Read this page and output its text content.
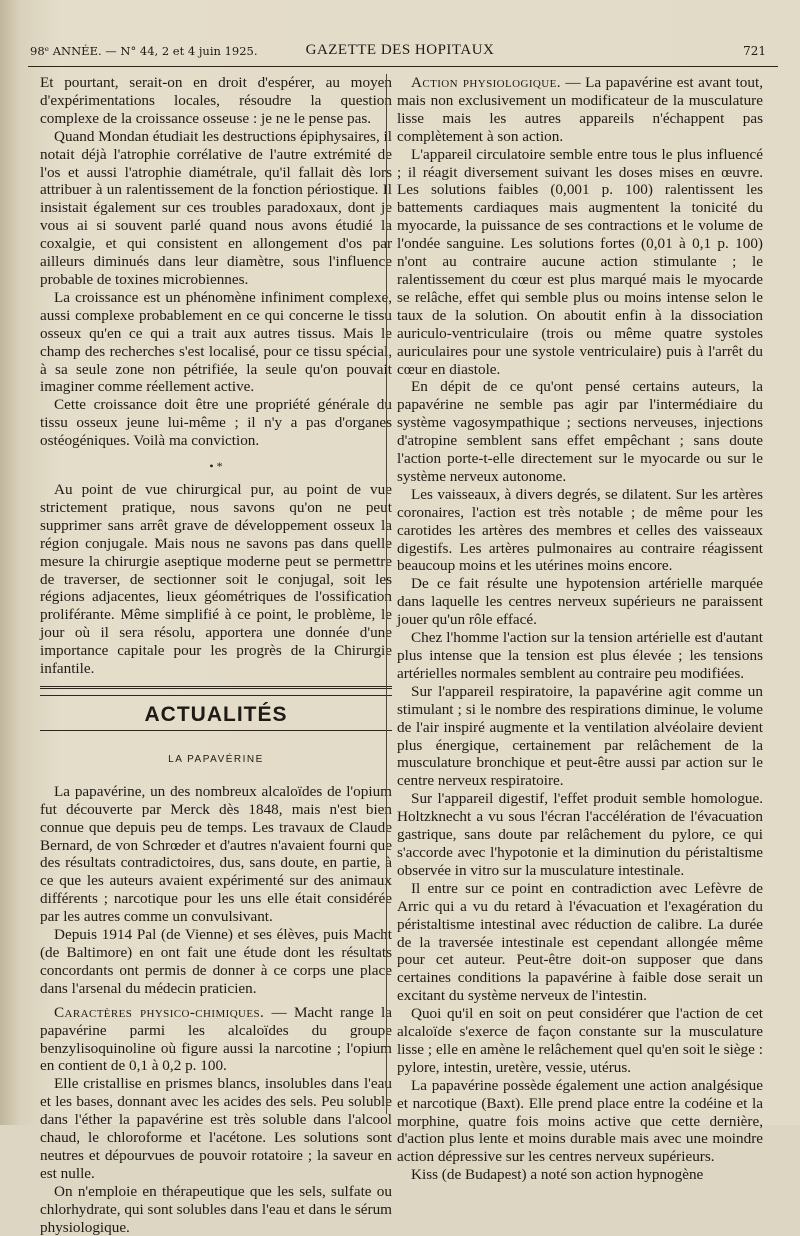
98ᵉ ANNÉE. — N° 44, 2 et 4 juin 1925.	GAZETTE DES HOPITAUX	721

Et pourtant, serait-on en droit d'espérer, au moyen d'expérimentations locales, résoudre la question complexe de la croissance osseuse : je ne le pense pas.

Quand Mondan étudiait les destructions épiphysaires, il notait déjà l'atrophie corrélative de l'autre extrémité de l'os et aussi l'atrophie diamétrale, qu'il fallait dès lors attribuer à un ralentissement de la fonction périostique. Il insistait également sur ces troubles paradoxaux, dont je vous ai si souvent parlé quand nous avons étudié la coxalgie, et qui consistent en allongement d'os par ailleurs diminués dans leur diamètre, sous l'influence probable de toxines microbiennes.

La croissance est un phénomène infiniment complexe, aussi complexe probablement en ce qui concerne le tissu osseux qu'en ce qui a trait aux autres tissus. Mais le champ des recherches s'est localisé, pour ce tissu spécial, à sa seule zone non pétrifiée, la seule qu'on pouvait imaginer comme réellement active.

Cette croissance doit être une propriété générale du tissu osseux jeune lui-même ; il n'y a pas d'organes ostéogéniques. Voilà ma conviction.

• *

Au point de vue chirurgical pur, au point de vue strictement pratique, nous savons qu'on ne peut supprimer sans arrêt grave de développement osseux la région conjugale. Mais nous ne savons pas dans quelle mesure la chirurgie aseptique moderne peut se permettre de traverser, de sectionner soit le conjugal, soit les régions adjacentes, lieux géométriques de l'ossification proliférante. Même simplifié à ce point, le problème, le jour où il sera résolu, apportera une donnée d'une importance capitale pour les progrès de la Chirurgie infantile.

ACTUALITÉS
LA PAPAVÉRINE

La papavérine, un des nombreux alcaloïdes de l'opium fut découverte par Merck dès 1848, mais n'est bien connue que depuis peu de temps. Les travaux de Claude Bernard, de von Schrœder et d'autres n'avaient fourni que des résultats contradictoires, dus, sans doute, en partie, à ce que les auteurs avaient expérimenté sur des animaux différents ; narcotique pour les uns elle était considérée par les autres comme un convulsivant.

Depuis 1914 Pal (de Vienne) et ses élèves, puis Macht (de Baltimore) en ont fait une étude dont les résultats concordants ont permis de donner à ce corps une place dans l'arsenal du médecin praticien.

Caractères physico-chimiques. — Macht range la papavérine parmi les alcaloïdes du groupe benzylisoquinoline où figure aussi la narcotine ; l'opium en contient de 0,1 à 0,2 p. 100.

Elle cristallise en prismes blancs, insolubles dans l'eau et les bases, donnant avec les acides des sels. Peu soluble dans l'éther la papavérine est très soluble dans l'alcool chaud, le chloroforme et l'acétone. Les solutions sont neutres et dépourvues de pouvoir rotatoire ; la saveur en est nulle.

On n'emploie en thérapeutique que les sels, sulfate ou chlorhydrate, qui sont solubles dans l'eau et dans le sérum physiologique.

Action physiologique. — La papavérine est avant tout, mais non exclusivement un modificateur de la musculature lisse mais les autres appareils n'échappent pas complètement à son action.

L'appareil circulatoire semble entre tous le plus influencé ; il réagit diversement suivant les doses mises en œuvre. Les solutions faibles (0,001 p. 100) ralentissent les battements cardiaques mais augmentent la tonicité du myocarde, la puissance de ses contractions et le volume de l'ondée sanguine. Les solutions fortes (0,01 à 0,1 p. 100) n'ont au contraire aucune action stimulante ; le ralentissement du cœur est plus marqué mais le myocarde se relâche, effet qui semble plus ou moins intense selon le taux de la solution. On aboutit enfin à la dissociation auriculo-ventriculaire (trois ou même quatre systoles auriculaires pour une systole ventriculaire) puis à l'arrêt du cœur en diastole.

En dépit de ce qu'ont pensé certains auteurs, la papavérine ne semble pas agir par l'intermédiaire du système vagosympathique ; sections nerveuses, injections d'atropine semblent sans effet empêchant ; sans doute l'action porte-t-elle directement sur le myocarde ou sur le système nerveux autonome.

Les vaisseaux, à divers degrés, se dilatent. Sur les artères coronaires, l'action est très notable ; de même pour les carotides les artères des membres et celles des vaisseaux digestifs. Les artères pulmonaires au contraire réagissent beaucoup moins et les utérines moins encore.

De ce fait résulte une hypotension artérielle marquée dans laquelle les centres nerveux supérieurs ne paraissent jouer qu'un rôle effacé.

Chez l'homme l'action sur la tension artérielle est d'autant plus intense que la tension est plus élevée ; les tensions artérielles normales semblent au contraire peu modifiées.

Sur l'appareil respiratoire, la papavérine agit comme un stimulant ; si le nombre des respirations diminue, le volume de l'air inspiré augmente et la ventilation alvéolaire devient plus énergique, certainement par relâchement de la musculature bronchique et peut-être aussi par action sur le centre nerveux respiratoire.

Sur l'appareil digestif, l'effet produit semble homologue. Holtzknecht a vu sous l'écran l'accélération de l'évacuation gastrique, sans doute par relâchement du pylore, ce qui s'accorde avec l'hypotonie et la diminution du péristaltisme observée in vitro sur la musculature intestinale.

Il entre sur ce point en contradiction avec Lefèvre de Arric qui a vu du retard à l'évacuation et l'exagération du péristaltisme intestinal avec réduction de calibre. La durée de la traversée intestinale est cependant allongée même pour cet auteur. Peut-être doit-on supposer que dans certaines conditions la papavérine à faible dose serait un excitant du système nerveux de l'intestin.

Quoi qu'il en soit on peut considérer que l'action de cet alcaloïde s'exerce de façon constante sur la musculature lisse ; elle en amène le relâchement quel qu'en soit le siège : pylore, intestin, uretère, vessie, utérus.

La papavérine possède également une action analgésique et narcotique (Baxt). Elle prend place entre la codéine et la morphine, quatre fois moins active que cette dernière, d'action plus lente et moins durable mais avec une moindre action dépressive sur les centres nerveux supérieurs.

Kiss (de Budapest) a noté son action hypnogène
